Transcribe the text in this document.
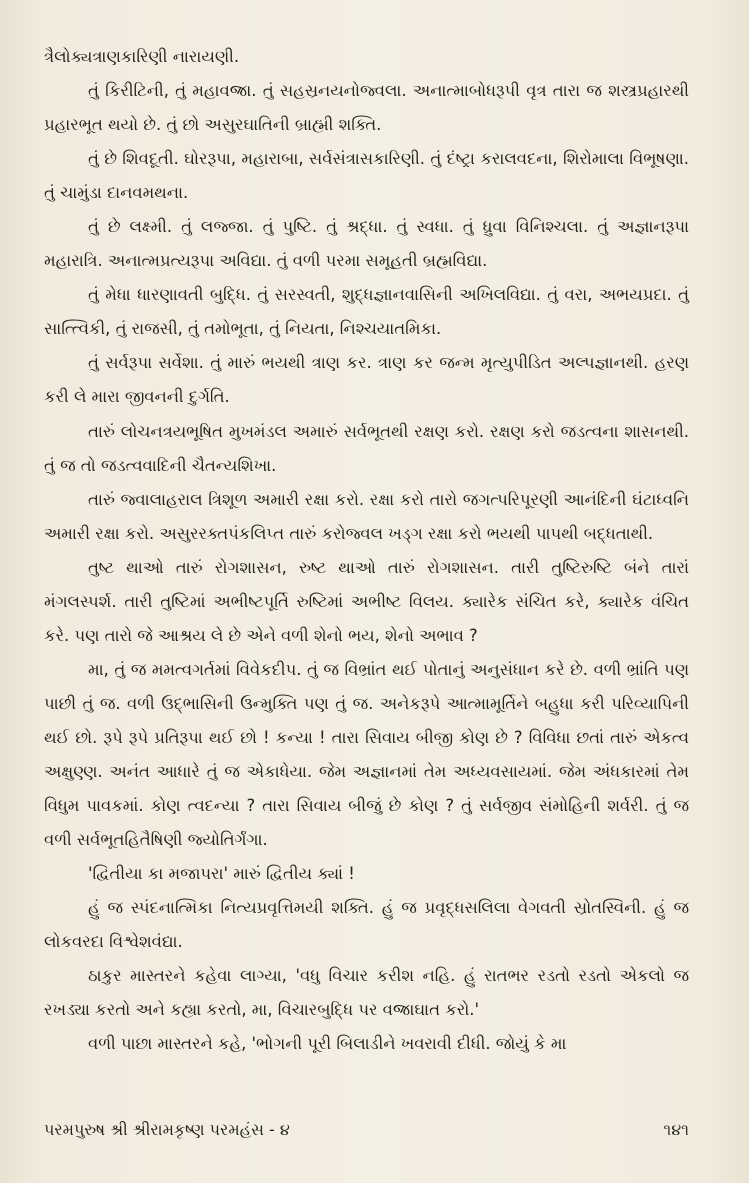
ત્રૈલોક્યત્રાણકારિણી નારાયણી.

તું કિરીટિની, તું મહાવજ્રા. તું સહસ્રનયનોજ્વલા. અનાત્માબોધરૂપી વૃત્ર તારા જ શસ્ત્રપ્રહારથી પ્રહારભૂત થયો છે. તું છો અસુરઘાતિની બ્રાહ્મી શક્તિ.

તું છે શિવદૂતી. ઘોરરૂપા, મહારાબા, સર્વસંત્રાસકારિણી. તું દંષ્ટ્રા કરાલવદના, શિરોમાલા વિભૂષણા. તું ચામુંડા દાનવમથના.

તું છે લક્ષ્મી. તું લજ્જા. તું પુષ્ટિ. તું શ્રદ્ધા. તું સ્વધા. તું ધ્રુવા વિનિશ્ચલા. તું અજ્ઞાનરૂપા મહારાત્રિ. અનાત્મપ્રત્યરૂપા અવિદ્યા. તું વળી પરમા સમૂહતી બ્રહ્મવિદ્યા.

તું મેધા ધારણાવતી બુદ્ધિ. તું સરસ્વતી, શુદ્ધજ્ઞાનવાસિની અખિલવિદ્યા. તું વરા, અભયપ્રદા. તું સાત્ત્વિકી, તું રાજસી, તું તમોભૂતા, તું નિયતા, નિશ્ચયાતમિકા.

તું સર્વરૂપા સર્વેશા. તું મારું ભયથી ત્રાણ કર. ત્રાણ કર જન્મ મૃત્યુપીડિત અલ્પજ્ઞાનથી. હરણ કરી લે મારા જીવનની દુર્ગતિ.

તારું લોચનત્રયભૂષિત મુખમંડલ અમારું સર્વભૂતથી રક્ષણ કરો. રક્ષણ કરો જડત્વના શાસનથી. તું જ તો જડત્વવાદિની ચૈતન્યશિખા.

તારું જ્વાલાહરાલ ત્રિશૂળ અમારી રક્ષા કરો. રક્ષા કરો તારો જગત્પરિપૂરણી આનંદિની ઘંટાધ્વનિ અમારી રક્ષા કરો. અસુરરક્તપંકલિપ્ત તારું કરોજ્વલ ખડ્ગ રક્ષા કરો ભયથી પાપથી બદ્ધતાથી.

તુષ્ટ થાઓ તારું રોગશાસન, રુષ્ટ થાઓ તારું રોગશાસન. તારી તુષ્ટિરુષ્ટિ બંને તારાં મંગલસ્પર્શ. તારી તુષ્ટિમાં અભીષ્ટપૂર્તિ રુષ્ટિમાં અભીષ્ટ વિલય. ક્યારેક સંચિત કરે, ક્યારેક વંચિત કરે. પણ તારો જે આશ્રય લે છે એને વળી શેનો ભય, શેનો અભાવ ?

મા, તું જ મમત્વગર્તમાં વિવેકદીપ. તું જ વિભ્રાંત થઈ પોતાનું અનુસંધાન કરે છે. વળી ભ્રાંતિ પણ પાછી તું જ. વળી ઉદ્ભાસિની ઉન્મુક્તિ પણ તું જ. અનેકરૂપે આત્મામૂર્તિને બહુધા કરી પરિવ્યાપિની થઈ છો. રૂપે રૂપે પ્રતિરૂપા થઈ છો ! કન્યા ! તારા સિવાય બીજી કોણ છે ? વિવિધા છતાં તારું એકત્વ અક્ષુણ્ણ. અનંત આધારે તું જ એકાધેયા. જેમ અજ્ઞાનમાં તેમ અધ્યવસાયમાં. જેમ અંધકારમાં તેમ વિધુમ પાવકમાં. કોણ ત્વદન્યા ? તારા સિવાય બીજું છે કોણ ? તું સર્વજીવ સંમોહિની શર્વરી. તું જ વળી સર્વભૂતહિતૈષિણી જ્યોતિર્ગંગા.

'દ્વિતીયા કા મજાપરા' મારું દ્વિતીય ક્યાં !

હું જ સ્પંદનાત્મિકા નિત્યપ્રવૃત્તિમયી શક્તિ. હું જ પ્રવૃદ્ધસલિલા વેગવતી સ્રોતસ્વિની. હું જ લોકવરદા વિશ્વેશવંદ્યા.

ઠાકુર માસ્તરને કહેવા લાગ્યા, 'વધુ વિચાર કરીશ નહિ. હું રાતભર રડતો રડતો એકલો જ રખડ્યા કરતો અને કહ્યા કરતો, મા, વિચારબુદ્ધિ પર વજ્રાઘાત કરો.'

વળી પાછા માસ્તરને કહે, 'ભોગની પૂરી બિલાડીને ખવરાવી દીધી. જોયું કે મા

પરમપુરુષ શ્રી શ્રીરામકૃષ્ણ પરમહંસ - ૪	૧૪૧
